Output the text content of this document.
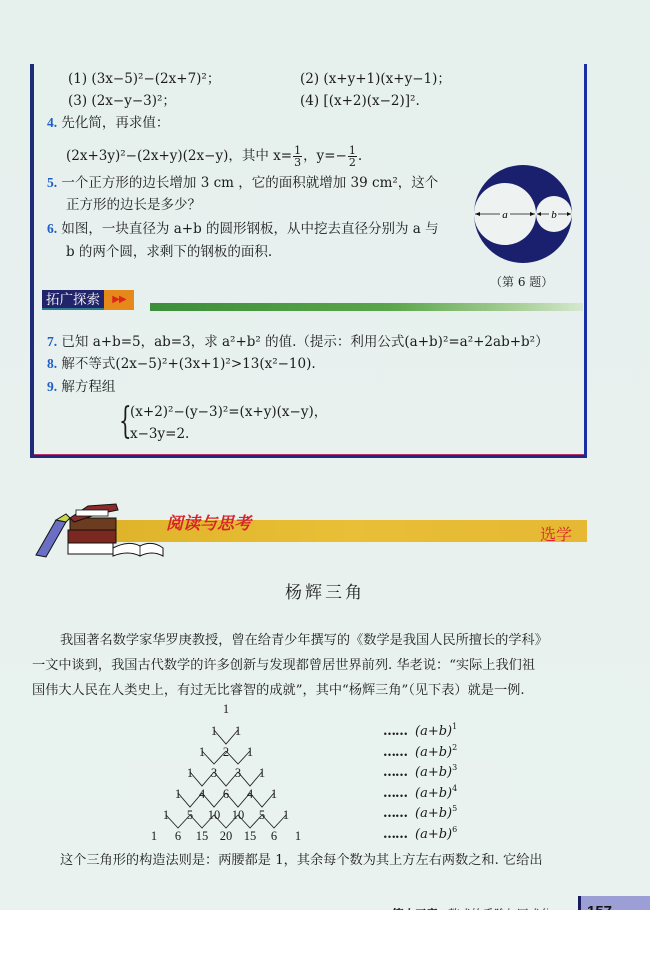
(1) (3x−5)²−(2x+7)²；	(2) (x+y+1)(x+y−1)；
(3) (2x−y−3)²；	(4) [(x+2)(x−2)]².
4. 先化简，再求值：
(2x+3y)²−(2x+y)(2x−y)，其中 $x= \frac{1}{3}$ ，$y=- \frac{1}{2}$ .
5. 一个正方形的边长增加 3 cm ，它的面积就增加 39 cm²，这个
正方形的边长是多少？
6. 如图，一块直径为 a+b 的圆形钢板，从中挖去直径分别为 a 与
b 的两个圆，求剩下的钢板的面积.
a	b
（第 6 题）
拓广探索	▶▶
7. 已知 a+b=5，ab=3，求 a²+b² 的值.（提示：利用公式(a+b)²=a²+2ab+b²）
8. 解不等式(2x−5)²+(3x+1)²>13(x²−10).
9. 解方程组
{
(x+2)²−(y−3)²=(x+y)(x−y)，
x−3y=2.
阅读与思考
选学
杨辉三角
我国著名数学家华罗庚教授，曾在给青少年撰写的《数学是我国人民所擅长的学科》
一文中谈到，我国古代数学的许多创新与发现都曾居世界前列. 华老说：“实际上我们祖
国伟大人民在人类史上，有过无比睿智的成就”，其中“杨辉三角”（见下表）就是一例.
1
1 1
1 2 1
1 3 3 1
1 4 6 4 1
1 5 10 10 5 1
1 6 15 20 15 6 1
…… $(a+b)^1$
…… $(a+b)^2$
…… $(a+b)^3$
…… $(a+b)^4$
…… $(a+b)^5$
…… $(a+b)^6$
这个三角形的构造法则是：两腰都是 1，其余每个数为其上方左右两数之和. 它给出
